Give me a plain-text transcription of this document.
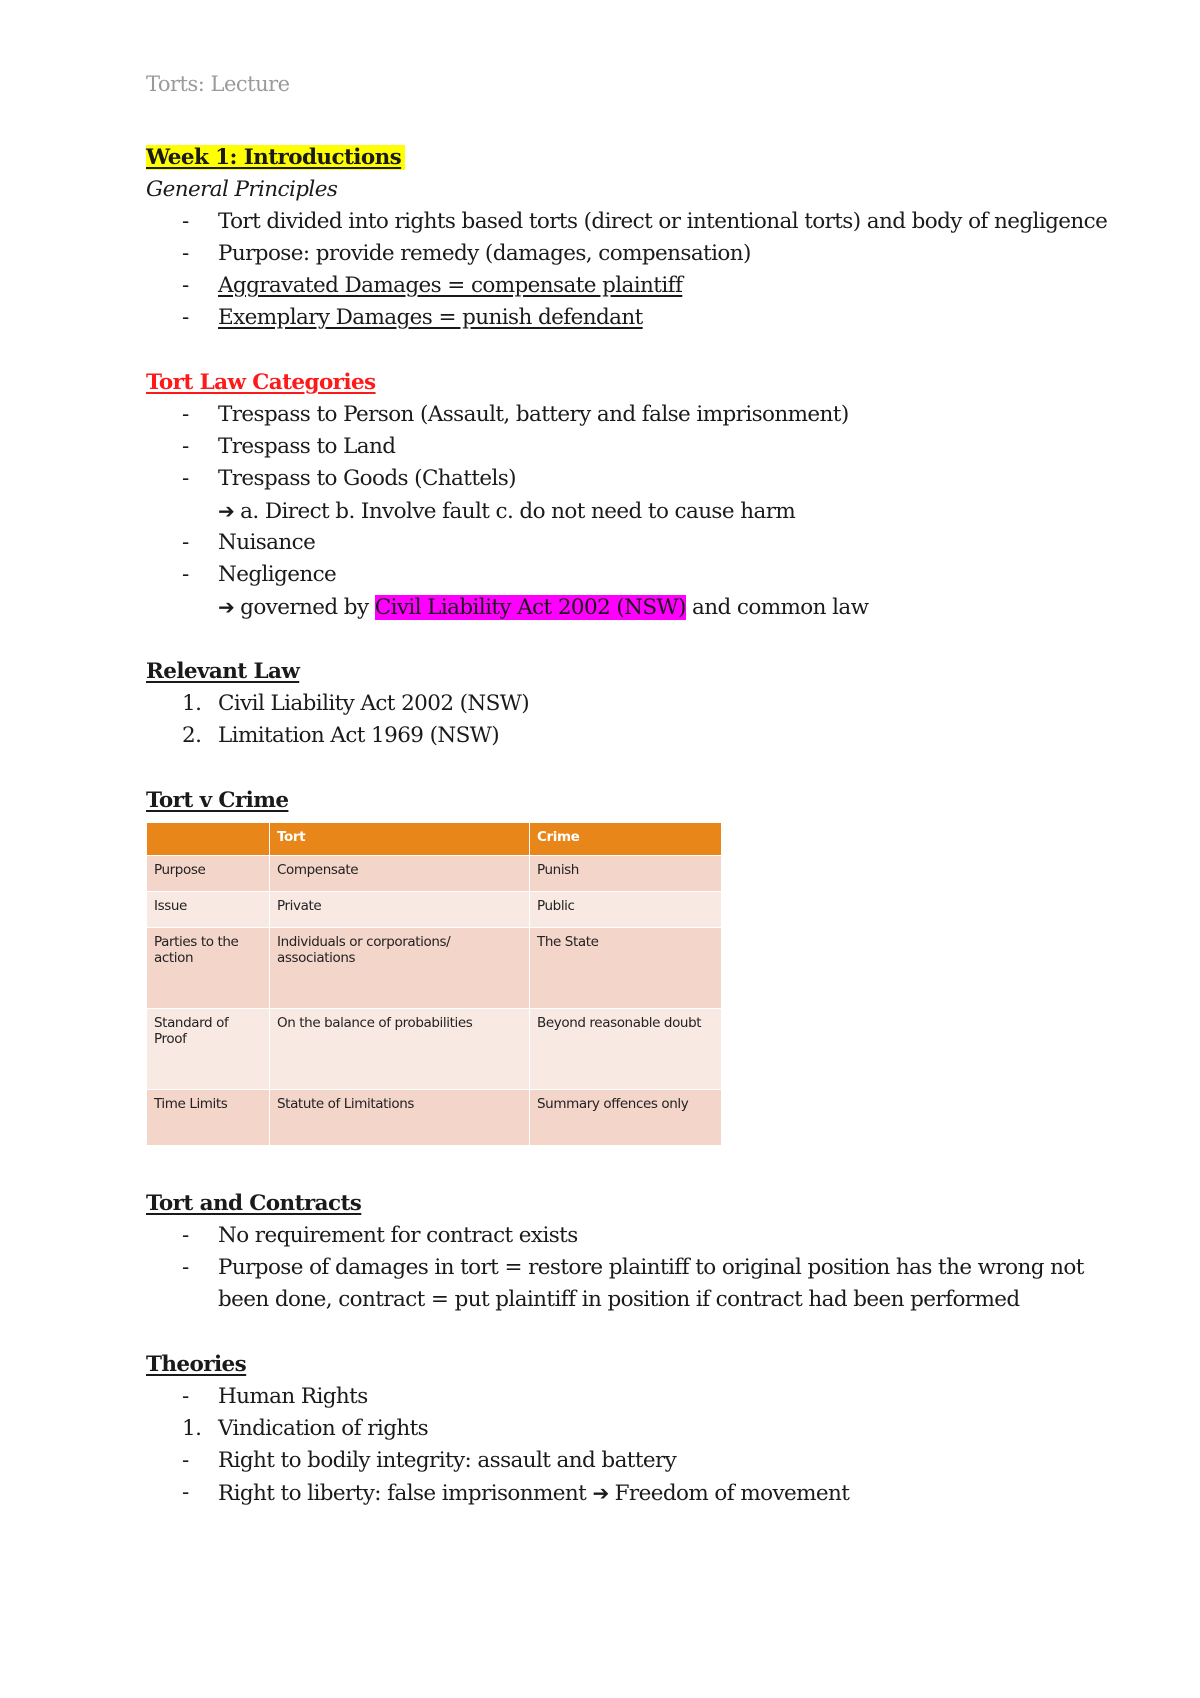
Torts: Lecture
Week 1: Introductions
General Principles
- Tort divided into rights based torts (direct or intentional torts) and body of negligence
- Purpose: provide remedy (damages, compensation)
- Aggravated Damages = compensate plaintiff
- Exemplary Damages = punish defendant
Tort Law Categories
- Trespass to Person (Assault, battery and false imprisonment)
- Trespass to Land
- Trespass to Goods (Chattels)
➔ a. Direct b. Involve fault c. do not need to cause harm
- Nuisance
- Negligence
➔ governed by Civil Liability Act 2002 (NSW) and common law
Relevant Law
1. Civil Liability Act 2002 (NSW)
2. Limitation Act 1969 (NSW)
Tort v Crime
	Tort	Crime
Purpose	Compensate	Punish
Issue	Private	Public
Parties to the action	Individuals or corporations/ associations	The State
Standard of Proof	On the balance of probabilities	Beyond reasonable doubt
Time Limits	Statute of Limitations	Summary offences only
Tort and Contracts
- No requirement for contract exists
- Purpose of damages in tort = restore plaintiff to original position has the wrong not
been done, contract = put plaintiff in position if contract had been performed
Theories
- Human Rights
1. Vindication of rights
- Right to bodily integrity: assault and battery
- Right to liberty: false imprisonment ➔ Freedom of movement
